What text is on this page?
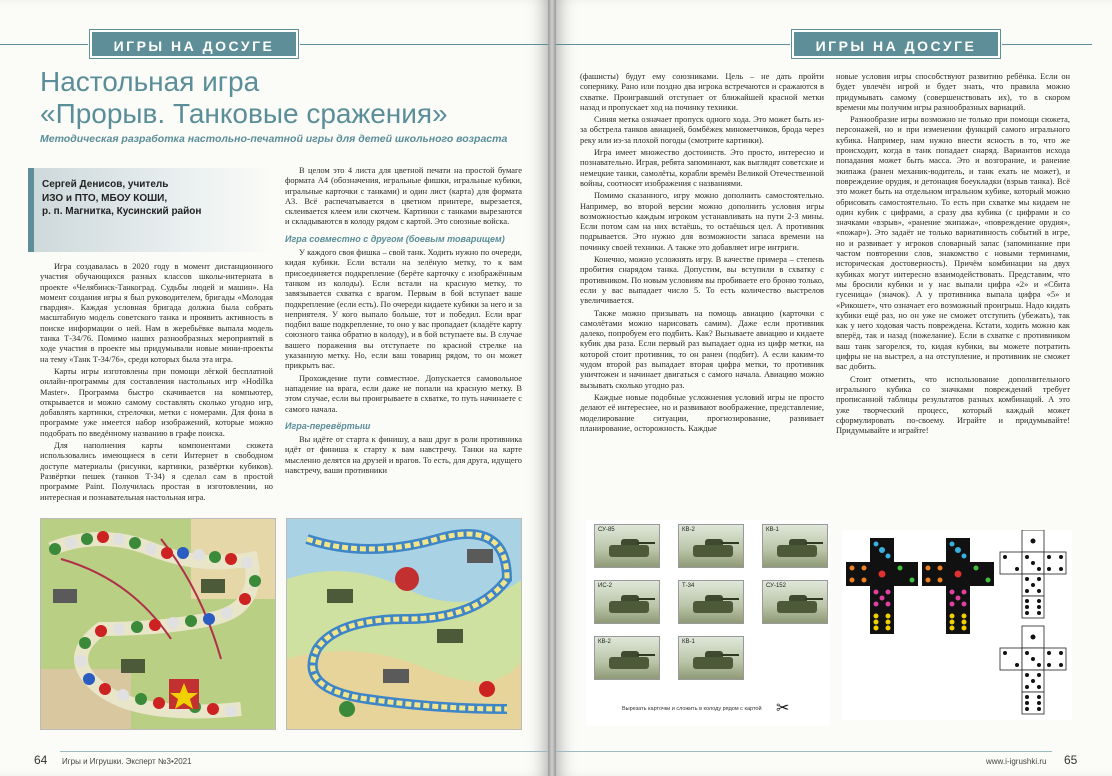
ИГРЫ НА ДОСУГЕ
Настольная игра
«Прорыв. Танковые сражения»
Методическая разработка настольно-печатной игры для детей школьного возраста

Сергей Денисов, учитель
ИЗО и ПТО, МБОУ КОШИ,
р. п. Магнитка, Кусинский район

Игра создавалась в 2020 году в момент дистанционного участия обучающихся разных классов школы-интерната в проекте «Челябинск-Танкоград. Судьбы людей и машин». На момент создания игры я был руководителем, бригады «Молодая гвардия». Каждая условная бригада должна была собрать масштабную модель советского танка и проявить активность в поиске информации о ней. Нам в жеребьёвке выпала модель танка Т-34/76. Помимо наших разнообразных мероприятий в ходе участия в проекте мы придумывали новые мини-проекты на тему «Танк Т-34/76», среди которых была эта игра.

Карты игры изготовлены при помощи лёгкой бесплатной онлайн-программы для составления настольных игр «Hodilka Master». Программа быстро скачивается на компьютер, открывается и можно самому составлять сколько угодно игр, добавлять картинки, стрелочки, метки с номерами. Для фона в программе уже имеется набор изображений, которые можно подобрать по введённому названию в графе поиска.

Для наполнения карты компонентами сюжета использовались имеющиеся в сети Интернет в свободном доступе материалы (рисунки, картинки, развёртки кубиков). Развёртки пешек (танков Т-34) я сделал сам в простой программе Paint. Получилась простая в изготовлении, но интересная и познавательная настольная игра.

В целом это 4 листа для цветной печати на простой бумаге формата А4 (обозначения, игральные фишки, игральные кубики, игральные карточки с танками) и один лист (карта) для формата А3. Всё распечатывается в цветном принтере, вырезается, склеивается клеем или скотчем. Картинки с танками вырезаются и складываются в колоду рядом с картой. Это союзные войска.

Игра совместно с другом (боевым товарищем)

У каждого своя фишка – свой танк. Ходить нужно по очереди, кидая кубики. Если встали на зелёную метку, то к вам присоединяется подкрепление (берёте карточку с изображённым танком из колоды). Если встали на красную метку, то завязывается схватка с врагом. Первым в бой вступает ваше подкрепление (если есть). По очереди кидаете кубики за него и за неприятеля. У кого выпало больше, тот и победил. Если враг подбил ваше подкрепление, то оно у вас пропадает (кладёте карту союзного танка обратно в колоду), и в бой вступаете вы. В случае вашего поражения вы отступаете по красной стрелке на указанную метку. Но, если ваш товарищ рядом, то он может прикрыть вас.

Прохождение пути совместное. Допускается самовольное нападение на врага, если даже не попали на красную метку. В этом случае, если вы проигрываете в схватке, то путь начинаете с самого начала.

Игра-перевёртыш

Вы идёте от старта к финишу, а ваш друг в роли противника идёт от финиша к старту к вам навстречу. Танки на карте мысленно делятся на друзей и врагов. То есть, для друга, идущего навстречу, ваши противники

64 Игры и Игрушки. Эксперт №3•2021
ИГРЫ НА ДОСУГЕ

(фашисты) будут ему союзниками. Цель – не дать пройти сопернику. Рано или поздно два игрока встречаются и сражаются в схватке. Проигравший отступает от ближайшей красной метки назад и пропускает ход на починку техники.

Синяя метка означает пропуск одного хода. Это может быть из-за обстрела танков авиацией, бомбёжек минометчиков, брода через реку или из-за плохой погоды (смотрите картинки).

Игра имеет множество достоинств. Это просто, интересно и познавательно. Играя, ребята запоминают, как выглядят советские и немецкие танки, самолёты, корабли времён Великой Отечественной войны, соотносят изображения с названиями.

Помимо сказанного, игру можно дополнить самостоятельно. Например, во второй версии можно дополнить условия игры возможностью каждым игроком устанавливать на пути 2-3 мины. Если потом сам на них встаёшь, то остаёшься цел. А противник подрывается. Это нужно для возможности запаса времени на починку своей техники. А также это добавляет игре интриги.

Конечно, можно усложнять игру. В качестве примера – степень пробития снарядом танка. Допустим, вы вступили в схватку с противником. По новым условиям вы пробиваете его броню только, если у вас выпадает число 5. То есть количество выстрелов увеличивается.

Также можно призывать на помощь авиацию (карточки с самолётами можно нарисовать самим). Даже если противник далеко, попробуем его подбить. Как? Вызываете авиацию и кидаете кубик два раза. Если первый раз выпадает одна из цифр метки, на которой стоит противник, то он ранен (подбит). А если каким-то чудом второй раз выпадает вторая цифра метки, то противник уничтожен и начинает двигаться с самого начала. Авиацию можно вызывать сколько угодно раз.

Каждые новые подобные усложнения условий игры не просто делают её интереснее, но и развивают воображение, представление, моделирование ситуации, прогнозирование, развивает планирование, осторожность. Каждые

новые условия игры способствуют развитию ребёнка. Если он будет увлечён игрой и будет знать, что правила можно придумывать самому (совершенствовать их), то в скором времени мы получим игры разнообразных вариаций.

Разнообразие игры возможно не только при помощи сюжета, персонажей, но и при изменении функций самого игрального кубика. Например, нам нужно внести ясность в то, что же происходит, когда в танк попадает снаряд. Вариантов исхода попадания может быть масса. Это и возгорание, и ранение экипажа (ранен механик-водитель, и танк ехать не может), и повреждение орудия, и детонация боеукладки (взрыв танка). Всё это может быть на отдельном игральном кубике, который можно обрисовать самостоятельно. То есть при схватке мы кидаем не один кубик с цифрами, а сразу два кубика (с цифрами и со значками «взрыв», «ранение экипажа», «повреждение орудия», «пожар»). Это задаёт не только вариативность событий в игре, но и развивает у игроков словарный запас (запоминание при частом повторении слов, знакомство с новыми терминами, историческая достоверность). Причём комбинации на двух кубиках могут интересно взаимодействовать. Представим, что мы бросили кубики и у нас выпали цифра «2» и «Сбита гусеница» (значок). А у противника выпала цифра «5» и «Рикошет», что означает его возможный проигрыш. Надо кидать кубики ещё раз, но он уже не сможет отступить (убежать), так как у него ходовая часть повреждена. Кстати, ходить можно как вперёд, так и назад (пожелание). Если в схватке с противником ваш танк загорелся, то, кидая кубики, вы можете потратить цифры не на выстрел, а на отступление, и противник не сможет вас добить.

Стоит отметить, что использование дополнительного игрального кубика со значками повреждений требует прописанной таблицы результатов разных комбинаций. А это уже творческий процесс, который каждый может сформулировать по-своему. Играйте и придумывайте! Придумывайте и играйте!

СУ-85	КВ-2	КВ-1
ИС-2	Т-34	СУ-152
КВ-2	КВ-1
Вырезать карточки и сложить в колоду рядом с картой ✂
www.i-igrushki.ru 65
